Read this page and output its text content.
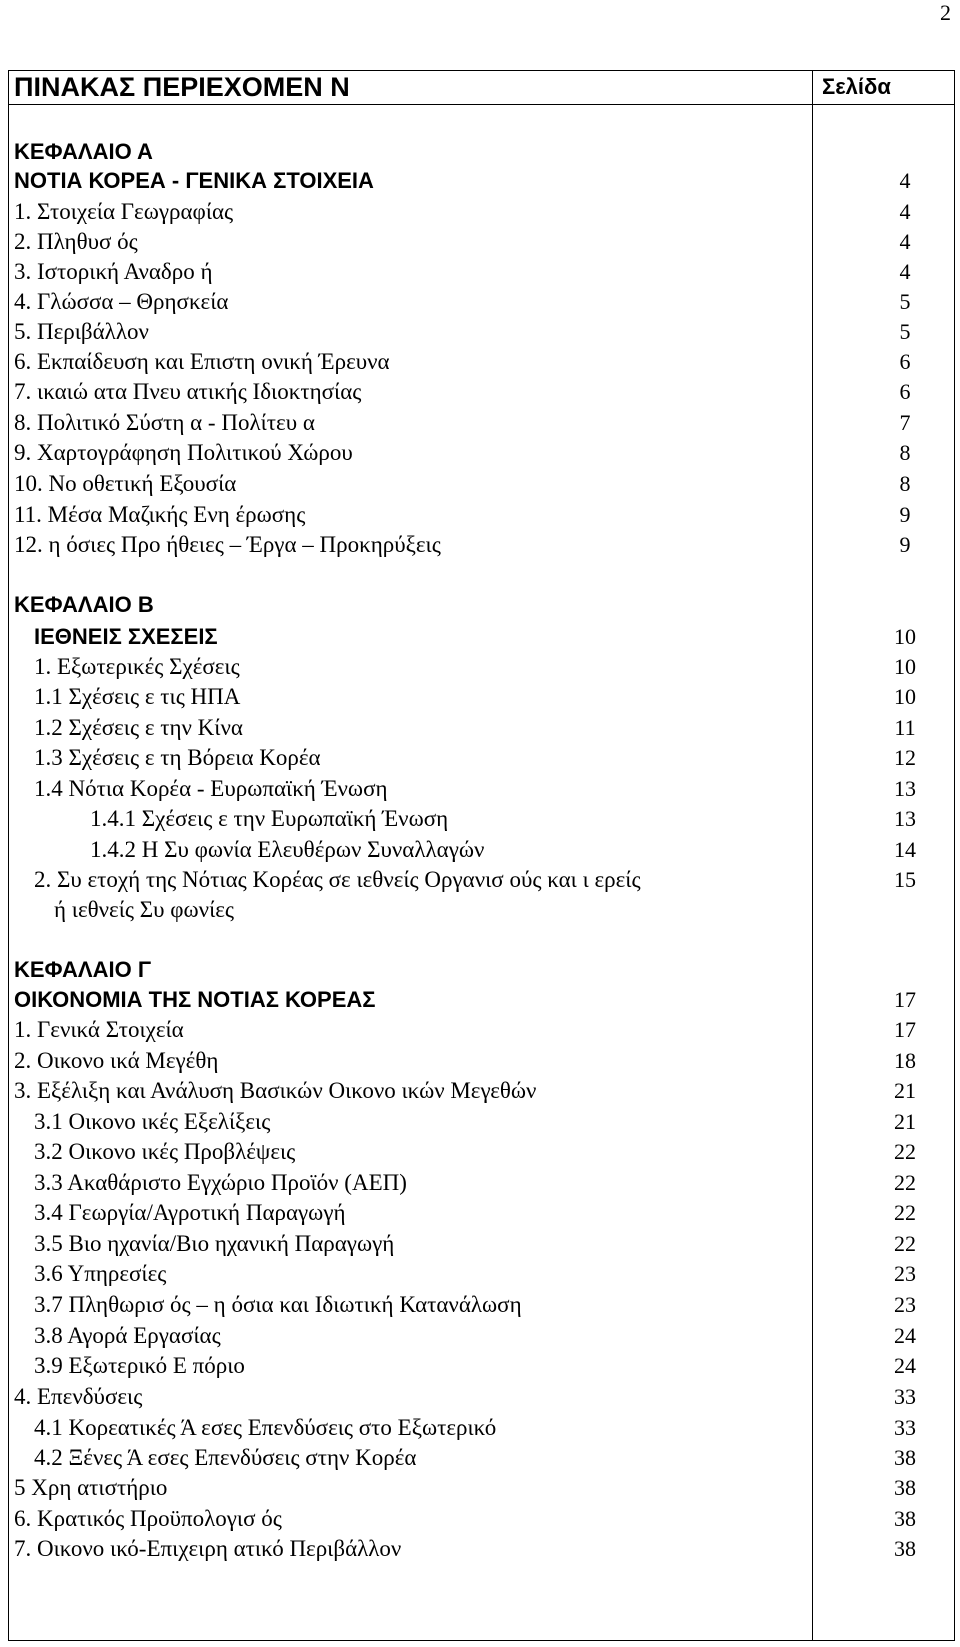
2
ΠΙΝΑΚΑΣ ΠΕΡΙΕΧΟΜΕΝ Ν	Σελίδα
ΚΕΦΑΛΑΙΟ Α
ΝΟΤΙΑ ΚΟΡΕΑ - ΓΕΝΙΚΑ ΣΤΟΙΧΕΙΑ	4
1. Στοιχεία Γεωγραφίας	4
2. Πληθυσ ός	4
3. Ιστορική Αναδρο ή	4
4. Γλώσσα – Θρησκεία	5
5. Περιβάλλον	5
6. Εκπαίδευση και Επιστη ονική Έρευνα	6
7. ικαιώ ατα Πνευ ατικής Ιδιοκτησίας	6
8. Πολιτικό Σύστη α - Πολίτευ α	7
9. Χαρτογράφηση Πολιτικού Χώρου	8
10. Νο οθετική Εξουσία	8
11. Μέσα Μαζικής Ενη έρωσης	9
12. η όσιες Προ ήθειες – Έργα – Προκηρύξεις	9
ΚΕΦΑΛΑΙΟ Β
ΙΕΘΝΕΙΣ ΣΧΕΣΕΙΣ	10
1. Εξωτερικές Σχέσεις	10
1.1 Σχέσεις ε τις ΗΠΑ	10
1.2 Σχέσεις ε την Κίνα	11
1.3 Σχέσεις ε τη Βόρεια Κορέα	12
1.4 Νότια Κορέα - Ευρωπαϊκή Ένωση	13
1.4.1 Σχέσεις ε την Ευρωπαϊκή Ένωση	13
1.4.2 Η Συ φωνία Ελευθέρων Συναλλαγών	14
2. Συ ετοχή της Νότιας Κορέας σε ιεθνείς Οργανισ ούς και ι ερείς	15
ή ιεθνείς Συ φωνίες
ΚΕΦΑΛΑΙΟ Γ
ΟΙΚΟΝΟΜΙΑ ΤΗΣ ΝΟΤΙΑΣ ΚΟΡΕΑΣ	17
1. Γενικά Στοιχεία	17
2. Οικονο ικά Μεγέθη	18
3. Εξέλιξη και Ανάλυση Βασικών Οικονο ικών Μεγεθών	21
3.1 Οικονο ικές Εξελίξεις	21
3.2 Οικονο ικές Προβλέψεις	22
3.3 Ακαθάριστο Εγχώριο Προϊόν (ΑΕΠ)	22
3.4 Γεωργία/Αγροτική Παραγωγή	22
3.5 Βιο ηχανία/Βιο ηχανική Παραγωγή	22
3.6 Υπηρεσίες	23
3.7 Πληθωρισ ός – η όσια και Ιδιωτική Κατανάλωση	23
3.8 Αγορά Εργασίας	24
3.9 Εξωτερικό Ε πόριο	24
4. Επενδύσεις	33
4.1 Κορεατικές Ά εσες Επενδύσεις στο Εξωτερικό	33
4.2 Ξένες Ά εσες Επενδύσεις στην Κορέα	38
5 Χρη ατιστήριο	38
6. Κρατικός Προϋπολογισ ός	38
7. Οικονο ικό-Επιχειρη ατικό Περιβάλλον	38
